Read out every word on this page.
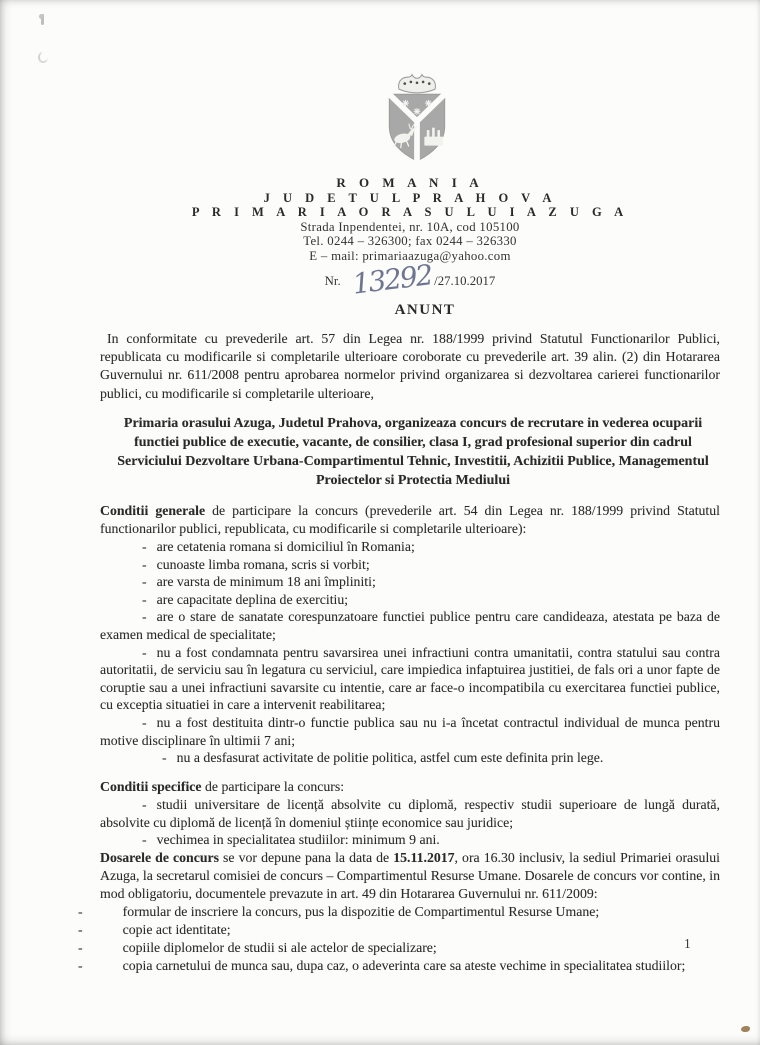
R O M A N I A
J U D E T U L P R A H O V A
P R I M A R I A O R A S U L U I A Z U G A
Strada Inpendentei, nr. 10A, cod 105100
Tel. 0244 – 326300; fax 0244 – 326330
E – mail: primariaazuga@yahoo.com
Nr. 13292 /27.10.2017
ANUNT

In conformitate cu prevederile art. 57 din Legea nr. 188/1999 privind Statutul Functionarilor Publici, republicata cu modificarile si completarile ulterioare coroborate cu prevederile art. 39 alin. (2) din Hotararea Guvernului nr. 611/2008 pentru aprobarea normelor privind organizarea si dezvoltarea carierei functionarilor publici, cu modificarile si completarile ulterioare,

Primaria orasului Azuga, Judetul Prahova, organizeaza concurs de recrutare in vederea ocuparii functiei publice de executie, vacante, de consilier, clasa I, grad profesional superior din cadrul Serviciului Dezvoltare Urbana-Compartimentul Tehnic, Investitii, Achizitii Publice, Managementul Proiectelor si Protectia Mediului

Conditii generale de participare la concurs (prevederile art. 54 din Legea nr. 188/1999 privind Statutul functionarilor publici, republicata, cu modificarile si completarile ulterioare):

- are cetatenia romana si domiciliul în Romania;

- cunoaste limba romana, scris si vorbit;

- are varsta de minimum 18 ani împliniti;

- are capacitate deplina de exercitiu;

- are o stare de sanatate corespunzatoare functiei publice pentru care candideaza, atestata pe baza de examen medical de specialitate;

- nu a fost condamnata pentru savarsirea unei infractiuni contra umanitatii, contra statului sau contra autoritatii, de serviciu sau în legatura cu serviciul, care impiedica infaptuirea justitiei, de fals ori a unor fapte de coruptie sau a unei infractiuni savarsite cu intentie, care ar face-o incompatibila cu exercitarea functiei publice, cu exceptia situatiei in care a intervenit reabilitarea;

- nu a fost destituita dintr-o functie publica sau nu i-a încetat contractul individual de munca pentru motive disciplinare în ultimii 7 ani;

- nu a desfasurat activitate de politie politica, astfel cum este definita prin lege.

Conditii specifice de participare la concurs:

- studii universitare de licență absolvite cu diplomă, respectiv studii superioare de lungă durată, absolvite cu diplomă de licență în domeniul științe economice sau juridice;

- vechimea in specialitatea studiilor: minimum 9 ani.

Dosarele de concurs se vor depune pana la data de 15.11.2017, ora 16.30 inclusiv, la sediul Primariei orasului Azuga, la secretarul comisiei de concurs – Compartimentul Resurse Umane. Dosarele de concurs vor contine, in mod obligatoriu, documentele prevazute in art. 49 din Hotararea Guvernului nr. 611/2009:

-	formular de inscriere la concurs, pus la dispozitie de Compartimentul Resurse Umane;

-	copie act identitate;

-	copiile diplomelor de studii si ale actelor de specializare;

-	copia carnetului de munca sau, dupa caz, o adeverinta care sa ateste vechime in specialitatea studiilor;

1
